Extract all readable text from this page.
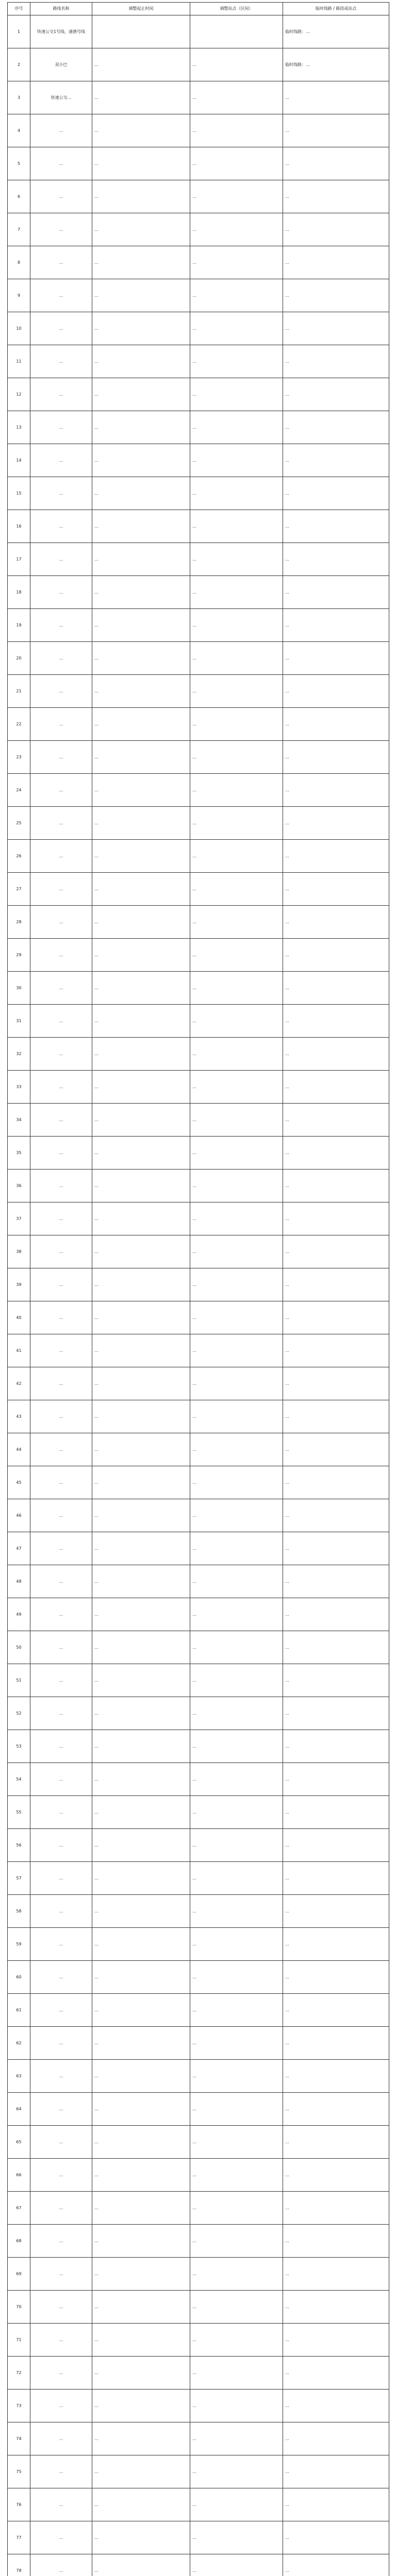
序号	路线名称	调整起止时间	调整站点（区间）	临时线路 / 路段或站点
1	快速公交1号线、通德号线			临时线路：…
2	双小巴	…	…	临时线路：…
3	快速公交…	…	…	…
4	…	…	…	…
5	…	…	…	…
6	…	…	…	…
7	…	…	…	…
8	…	…	…	…
9	…	…	…	…
10	…	…	…	…
11	…	…	…	…
12	…	…	…	…
13	…	…	…	…
14	…	…	…	…
15	…	…	…	…
16	…	…	…	…
17	…	…	…	…
18	…	…	…	…
19	…	…	…	…
20	…	…	…	…
21	…	…	…	…
22	…	…	…	…
23	…	…	…	…
24	…	…	…	…
25	…	…	…	…
26	…	…	…	…
27	…	…	…	…
28	…	…	…	…
29	…	…	…	…
30	…	…	…	…
31	…	…	…	…
32	…	…	…	…
33	…	…	…	…
34	…	…	…	…
35	…	…	…	…
36	…	…	…	…
37	…	…	…	…
38	…	…	…	…
39	…	…	…	…
40	…	…	…	…
41	…	…	…	…
42	…	…	…	…
43	…	…	…	…
44	…	…	…	…
45	…	…	…	…
46	…	…	…	…
47	…	…	…	…
48	…	…	…	…
49	…	…	…	…
50	…	…	…	…
51	…	…	…	…
52	…	…	…	…
53	…	…	…	…
54	…	…	…	…
55	…	…	…	…
56	…	…	…	…
57	…	…	…	…
58	…	…	…	…
59	…	…	…	…
60	…	…	…	…
61	…	…	…	…
62	…	…	…	…
63	…	…	…	…
64	…	…	…	…
65	…	…	…	…
66	…	…	…	…
67	…	…	…	…
68	…	…	…	…
69	…	…	…	…
70	…	…	…	…
71	…	…	…	…
72	…	…	…	…
73	…	…	…	…
74	…	…	…	…
75	…	…	…	…
76	…	…	…	…
77	…	…	…	…
78	…	…	…	…
